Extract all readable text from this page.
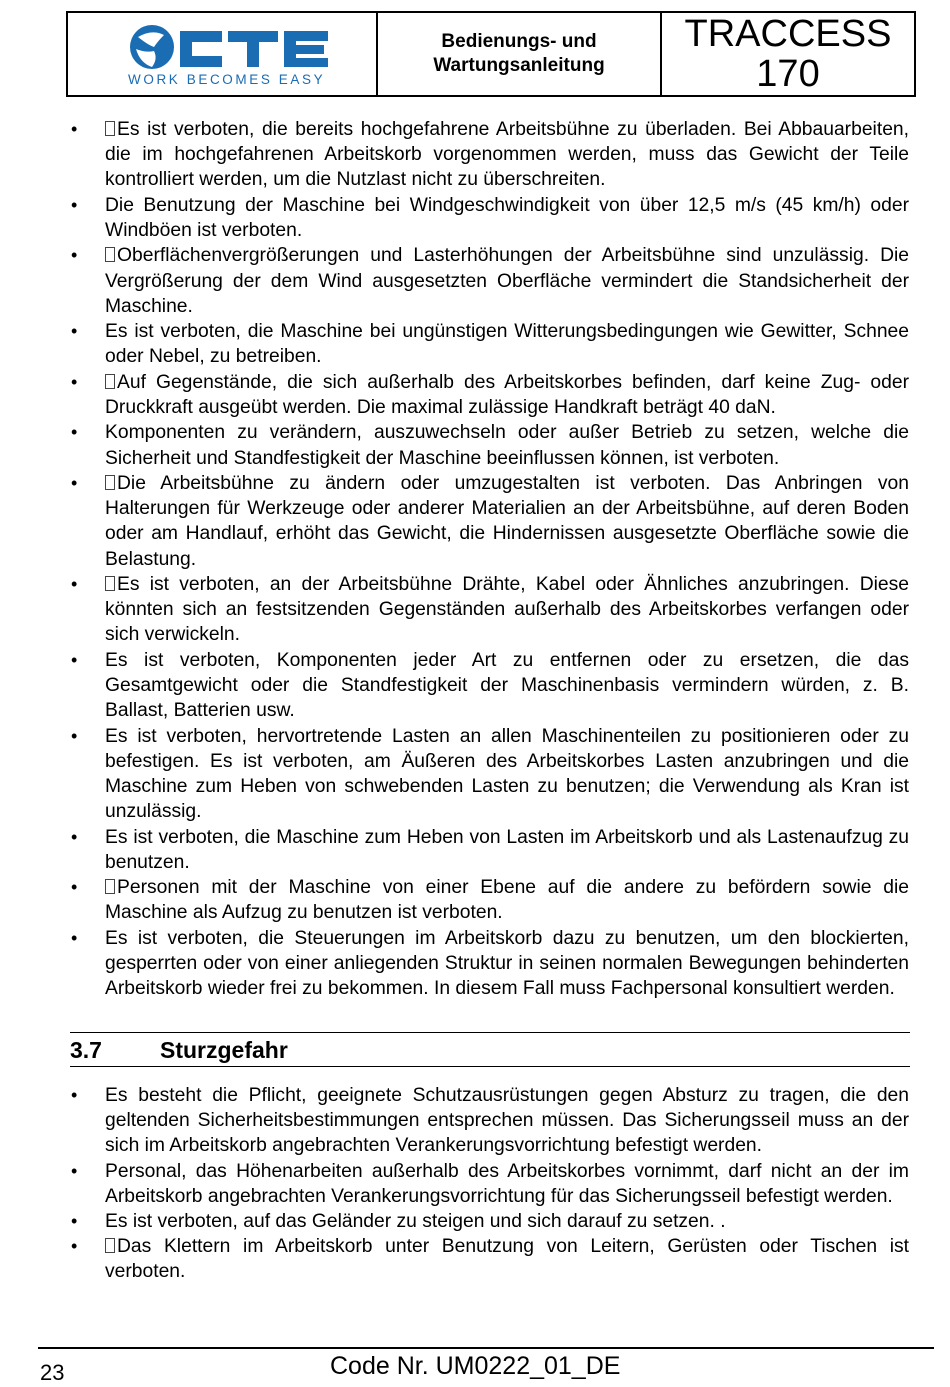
WORK BECOMES EASY
Bedienungs- und
Wartungsanleitung
TRACCESS
170
• Es ist verboten, die bereits hochgefahrene Arbeitsbühne zu überladen. Bei Abbauarbeiten, die im hochgefahrenen Arbeitskorb vorgenommen werden, muss das Gewicht der Teile kontrolliert werden, um die Nutzlast nicht zu überschreiten.
• Die Benutzung der Maschine bei Windgeschwindigkeit von über 12,5 m/s (45 km/h) oder Windböen ist verboten.
• Oberflächenvergrößerungen und Lasterhöhungen der Arbeitsbühne sind unzulässig. Die Vergrößerung der dem Wind ausgesetzten Oberfläche vermindert die Standsicherheit der Maschine.
• Es ist verboten, die Maschine bei ungünstigen Witterungsbedingungen wie Gewitter, Schnee oder Nebel, zu betreiben.
• Auf Gegenstände, die sich außerhalb des Arbeitskorbes befinden, darf keine Zug- oder Druckkraft ausgeübt werden. Die maximal zulässige Handkraft beträgt 40 daN.
• Komponenten zu verändern, auszuwechseln oder außer Betrieb zu setzen, welche die Sicherheit und Standfestigkeit der Maschine beeinflussen können, ist verboten.
• Die Arbeitsbühne zu ändern oder umzugestalten ist verboten. Das Anbringen von Halterungen für Werkzeuge oder anderer Materialien an der Arbeitsbühne, auf deren Boden oder am Handlauf, erhöht das Gewicht, die Hindernissen ausgesetzte Oberfläche sowie die Belastung.
• Es ist verboten, an der Arbeitsbühne Drähte, Kabel oder Ähnliches anzubringen. Diese könnten sich an festsitzenden Gegenständen außerhalb des Arbeitskorbes verfangen oder sich verwickeln.
• Es ist verboten, Komponenten jeder Art zu entfernen oder zu ersetzen, die das Gesamtgewicht oder die Standfestigkeit der Maschinenbasis vermindern würden, z. B. Ballast, Batterien usw.
• Es ist verboten, hervortretende Lasten an allen Maschinenteilen zu positionieren oder zu befestigen. Es ist verboten, am Äußeren des Arbeitskorbes Lasten anzubringen und die Maschine zum Heben von schwebenden Lasten zu benutzen; die Verwendung als Kran ist unzulässig.
• Es ist verboten, die Maschine zum Heben von Lasten im Arbeitskorb und als Lastenaufzug zu benutzen.
• Personen mit der Maschine von einer Ebene auf die andere zu befördern sowie die Maschine als Aufzug zu benutzen ist verboten.
• Es ist verboten, die Steuerungen im Arbeitskorb dazu zu benutzen, um den blockierten, gesperrten oder von einer anliegenden Struktur in seinen normalen Bewegungen behinderten Arbeitskorb wieder frei zu bekommen. In diesem Fall muss Fachpersonal konsultiert werden.
3.7	Sturzgefahr
• Es besteht die Pflicht, geeignete Schutzausrüstungen gegen Absturz zu tragen, die den geltenden Sicherheitsbestimmungen entsprechen müssen. Das Sicherungsseil muss an der sich im Arbeitskorb angebrachten Verankerungsvorrichtung befestigt werden.
• Personal, das Höhenarbeiten außerhalb des Arbeitskorbes vornimmt, darf nicht an der im Arbeitskorb angebrachten Verankerungsvorrichtung für das Sicherungsseil befestigt werden.
• Es ist verboten, auf das Geländer zu steigen und sich darauf zu setzen. .
• Das Klettern im Arbeitskorb unter Benutzung von Leitern, Gerüsten oder Tischen ist verboten.
23	Code Nr. UM0222_01_DE
